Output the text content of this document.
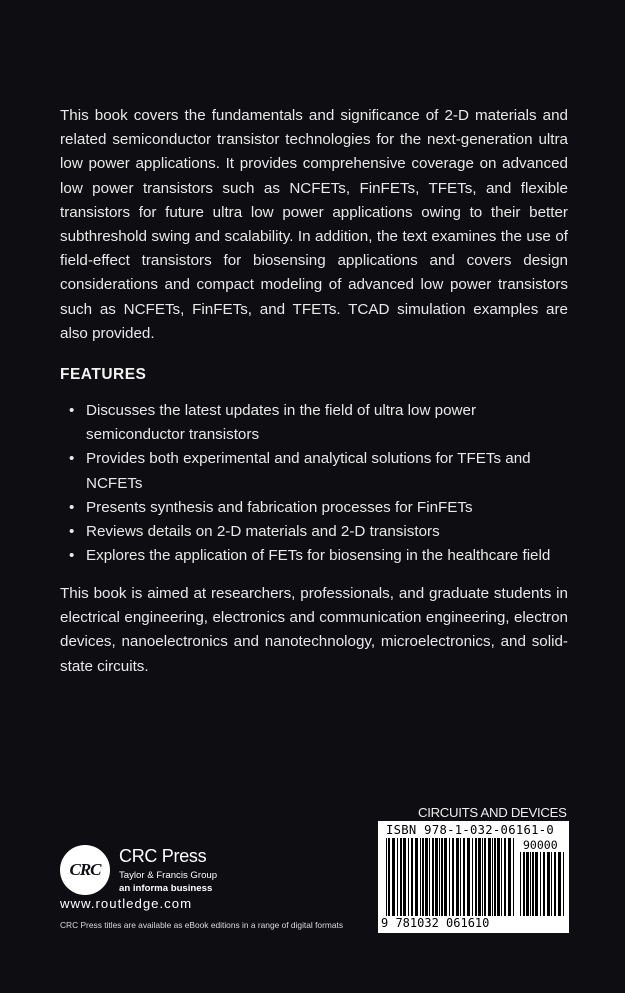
This book covers the fundamentals and significance of 2-D materials and related semiconductor transistor technologies for the next-generation ultra low power applications. It provides comprehensive coverage on advanced low power transistors such as NCFETs, FinFETs, TFETs, and flexible transistors for future ultra low power applications owing to their better subthreshold swing and scalability. In addition, the text examines the use of field-effect transistors for biosensing applications and covers design considerations and compact modeling of advanced low power transistors such as NCFETs, FinFETs, and TFETs. TCAD simulation examples are also provided.

FEATURES
• Discusses the latest updates in the field of ultra low power semiconductor transistors
• Provides both experimental and analytical solutions for TFETs and NCFETs
• Presents synthesis and fabrication processes for FinFETs
• Reviews details on 2-D materials and 2-D transistors
• Explores the application of FETs for biosensing in the healthcare field

This book is aimed at researchers, professionals, and graduate students in electrical engineering, electronics and communication engineering, electron devices, nanoelectronics and nanotechnology, microelectronics, and solid-state circuits.

CRC

CRC Press

Taylor & Francis Group

an informa business

www.routledge.com

CRC Press titles are available as eBook editions in a range of digital formats

CIRCUITS AND DEVICES

ISBN 978-1-032-06161-0

90000

9 781032 061610
